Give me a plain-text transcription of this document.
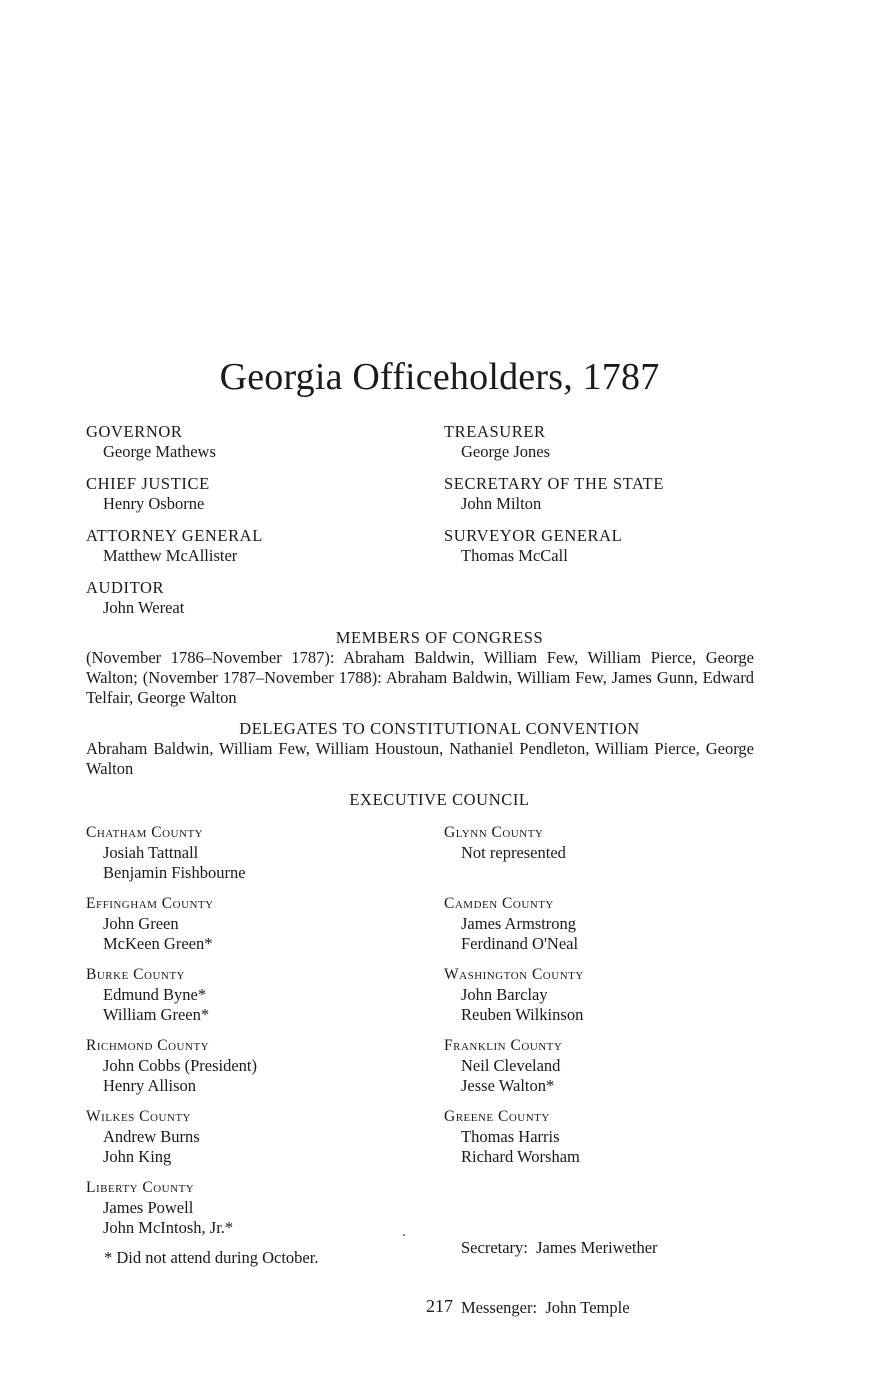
Georgia Officeholders, 1787
GOVERNOR
George Mathews
CHIEF JUSTICE
Henry Osborne
ATTORNEY GENERAL
Matthew McAllister
AUDITOR
John Wereat
TREASURER
George Jones
SECRETARY OF THE STATE
John Milton
SURVEYOR GENERAL
Thomas McCall
MEMBERS OF CONGRESS
(November 1786–November 1787): Abraham Baldwin, William Few, William Pierce, George Walton; (November 1787–November 1788): Abraham Baldwin, William Few, James Gunn, Edward Telfair, George Walton
DELEGATES TO CONSTITUTIONAL CONVENTION
Abraham Baldwin, William Few, William Houstoun, Nathaniel Pendleton, William Pierce, George Walton
EXECUTIVE COUNCIL
Chatham County
Josiah Tattnall
Benjamin Fishbourne
Effingham County
John Green
McKeen Green*
Burke County
Edmund Byne*
William Green*
Richmond County
John Cobbs (President)
Henry Allison
Wilkes County
Andrew Burns
John King
Liberty County
James Powell
John McIntosh, Jr.*
Glynn County
Not represented
Camden County
James Armstrong
Ferdinand O'Neal
Washington County
John Barclay
Reuben Wilkinson
Franklin County
Neil Cleveland
Jesse Walton*
Greene County
Thomas Harris
Richard Worsham

Secretary:  James Meriwether

Messenger:  John Temple

* Did not attend during October.
217
